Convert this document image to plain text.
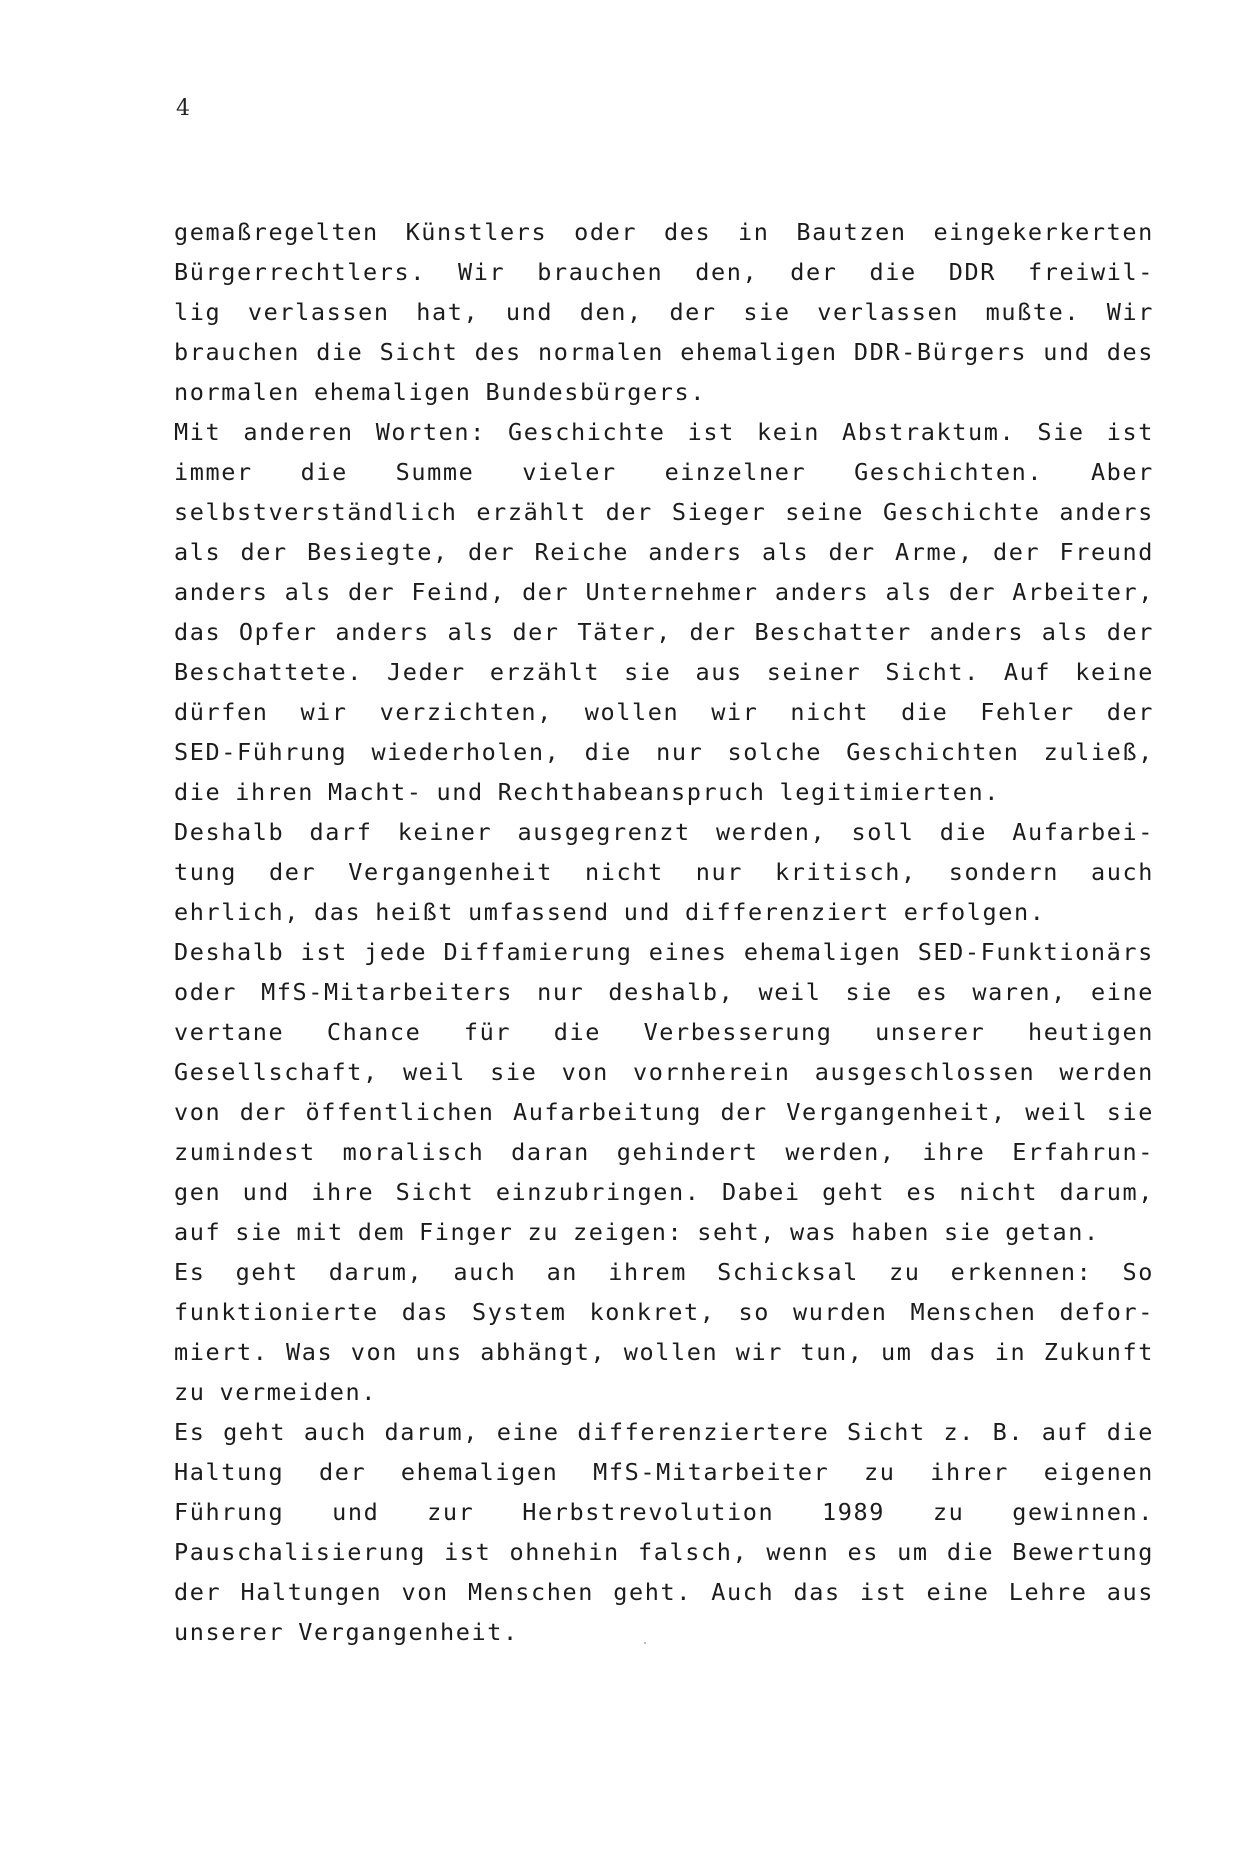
4
gemaßregelten Künstlers oder des in Bautzen eingekerkerten
Bürgerrechtlers. Wir brauchen den, der die DDR freiwil-
lig verlassen hat, und den, der sie verlassen mußte. Wir
brauchen die Sicht des normalen ehemaligen DDR-Bürgers und des
normalen ehemaligen Bundesbürgers.
Mit anderen Worten: Geschichte ist kein Abstraktum. Sie ist
immer die Summe vieler einzelner Geschichten. Aber
selbstverständlich erzählt der Sieger seine Geschichte anders
als der Besiegte, der Reiche anders als der Arme, der Freund
anders als der Feind, der Unternehmer anders als der Arbeiter,
das Opfer anders als der Täter, der Beschatter anders als der
Beschattete. Jeder erzählt sie aus seiner Sicht. Auf keine
dürfen wir verzichten, wollen wir nicht die Fehler der
SED-Führung wiederholen, die nur solche Geschichten zuließ,
die ihren Macht- und Rechthabeanspruch legitimierten.
Deshalb darf keiner ausgegrenzt werden, soll die Aufarbei-
tung der Vergangenheit nicht nur kritisch, sondern auch
ehrlich, das heißt umfassend und differenziert erfolgen.
Deshalb ist jede Diffamierung eines ehemaligen SED-Funktionärs
oder MfS-Mitarbeiters nur deshalb, weil sie es waren, eine
vertane Chance für die Verbesserung unserer heutigen
Gesellschaft, weil sie von vornherein ausgeschlossen werden
von der öffentlichen Aufarbeitung der Vergangenheit, weil sie
zumindest moralisch daran gehindert werden, ihre Erfahrun-
gen und ihre Sicht einzubringen. Dabei geht es nicht darum,
auf sie mit dem Finger zu zeigen: seht, was haben sie getan.
Es geht darum, auch an ihrem Schicksal zu erkennen: So
funktionierte das System konkret, so wurden Menschen defor-
miert. Was von uns abhängt, wollen wir tun, um das in Zukunft
zu vermeiden.
Es geht auch darum, eine differenziertere Sicht z. B. auf die
Haltung der ehemaligen MfS-Mitarbeiter zu ihrer eigenen
Führung und zur Herbstrevolution 1989 zu gewinnen.
Pauschalisierung ist ohnehin falsch, wenn es um die Bewertung
der Haltungen von Menschen geht. Auch das ist eine Lehre aus
unserer Vergangenheit.
